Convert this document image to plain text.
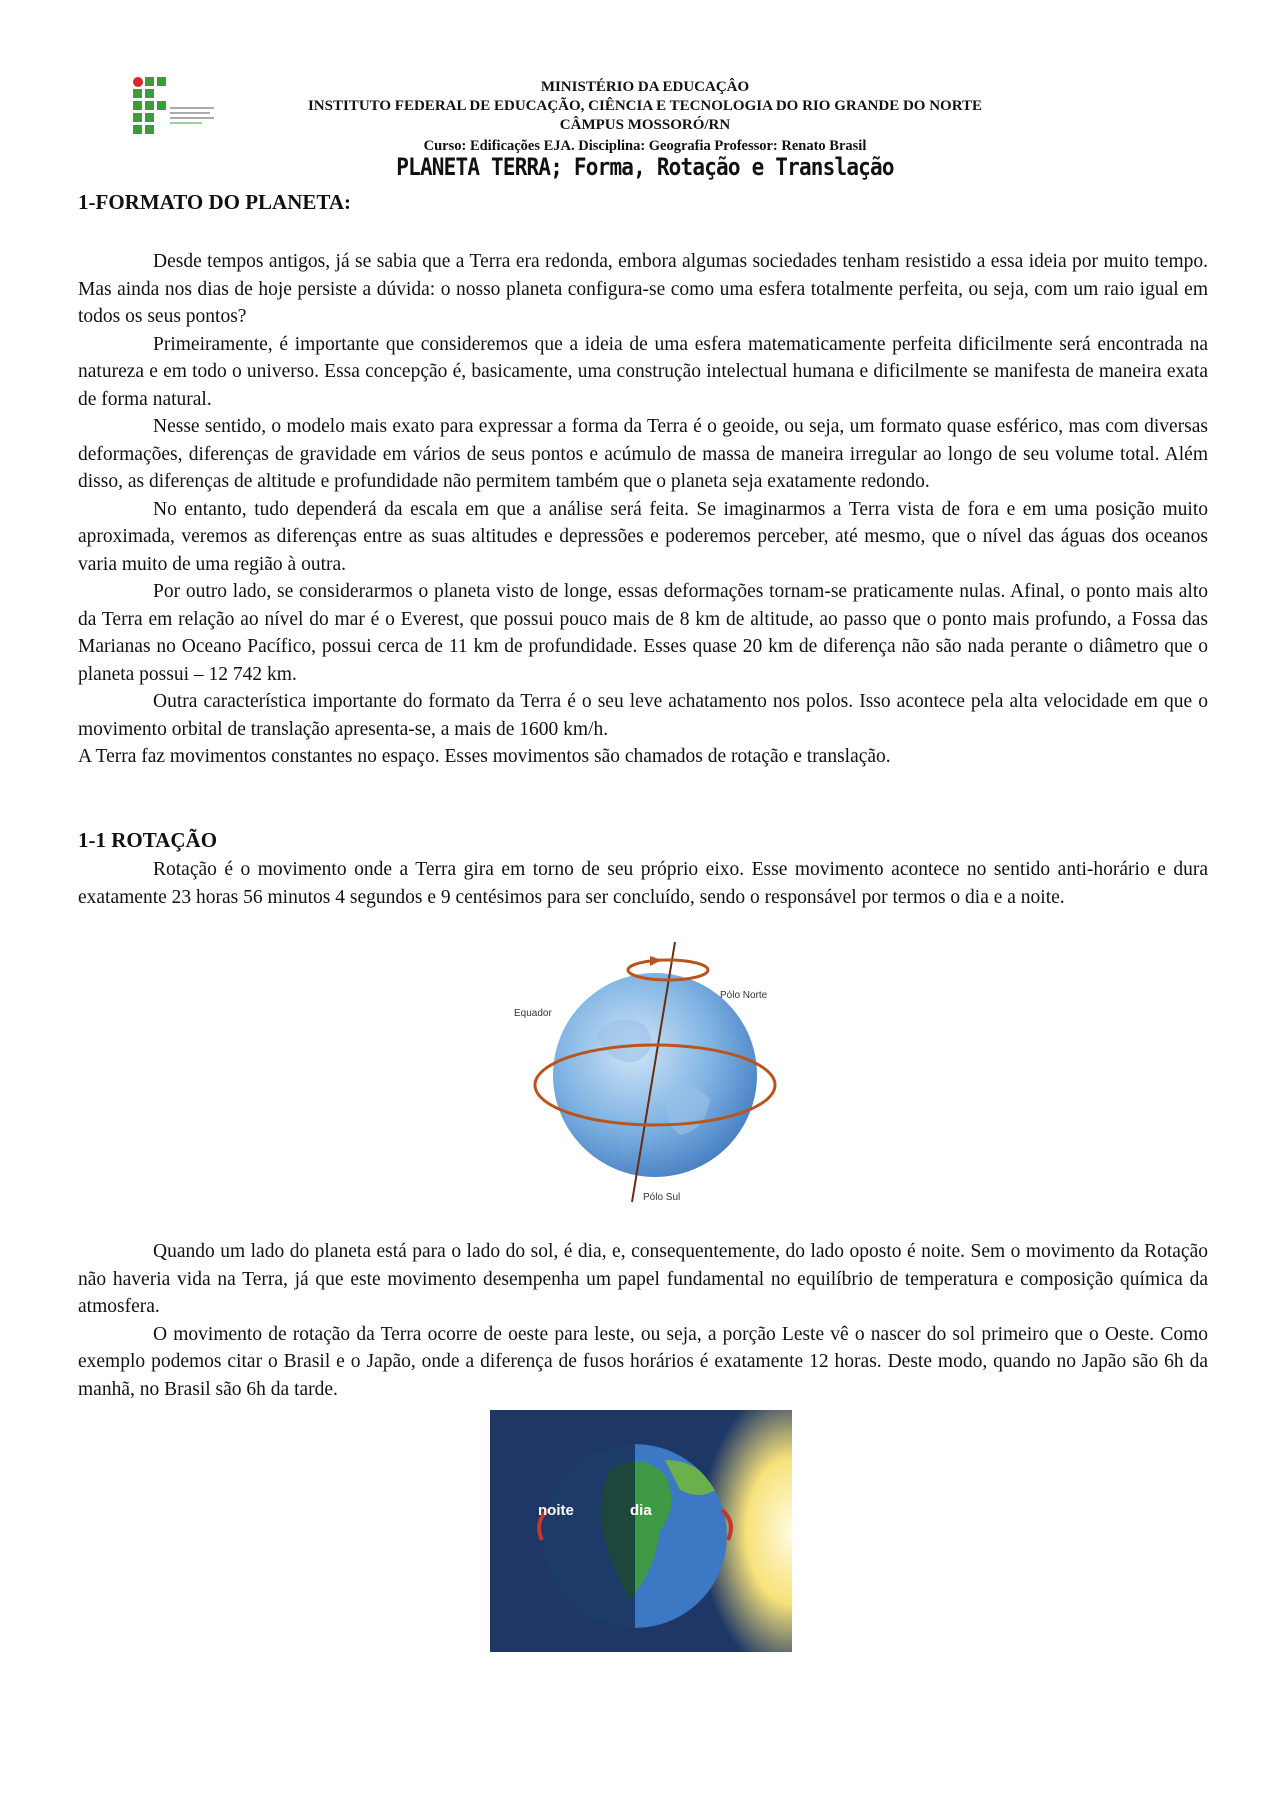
MINISTÉRIO DA EDUCAÇÂO
INSTITUTO FEDERAL DE EDUCAÇÃO, CIÊNCIA E TECNOLOGIA DO RIO GRANDE DO NORTE
CÂMPUS MOSSORÓ/RN
Curso: Edificações EJA. Disciplina: Geografia Professor: Renato Brasil
PLANETA TERRA; Forma, Rotação e Translação
1-FORMATO DO PLANETA:

Desde tempos antigos, já se sabia que a Terra era redonda, embora algumas sociedades tenham resistido a essa ideia por muito tempo. Mas ainda nos dias de hoje persiste a dúvida: o nosso planeta configura-se como uma esfera totalmente perfeita, ou seja, com um raio igual em todos os seus pontos?

Primeiramente, é importante que consideremos que a ideia de uma esfera matematicamente perfeita dificilmente será encontrada na natureza e em todo o universo. Essa concepção é, basicamente, uma construção intelectual humana e dificilmente se manifesta de maneira exata de forma natural.

Nesse sentido, o modelo mais exato para expressar a forma da Terra é o geoide, ou seja, um formato quase esférico, mas com diversas deformações, diferenças de gravidade em vários de seus pontos e acúmulo de massa de maneira irregular ao longo de seu volume total. Além disso, as diferenças de altitude e profundidade não permitem também que o planeta seja exatamente redondo.

No entanto, tudo dependerá da escala em que a análise será feita. Se imaginarmos a Terra vista de fora e em uma posição muito aproximada, veremos as diferenças entre as suas altitudes e depressões e poderemos perceber, até mesmo, que o nível das águas dos oceanos varia muito de uma região à outra.

Por outro lado, se considerarmos o planeta visto de longe, essas deformações tornam-se praticamente nulas. Afinal, o ponto mais alto da Terra em relação ao nível do mar é o Everest, que possui pouco mais de 8 km de altitude, ao passo que o ponto mais profundo, a Fossa das Marianas no Oceano Pacífico, possui cerca de 11 km de profundidade. Esses quase 20 km de diferença não são nada perante o diâmetro que o planeta possui – 12 742 km.

Outra característica importante do formato da Terra é o seu leve achatamento nos polos. Isso acontece pela alta velocidade em que o movimento orbital de translação apresenta-se, a mais de 1600 km/h.

A Terra faz movimentos constantes no espaço. Esses movimentos são chamados de rotação e translação.

1-1 ROTAÇÃO

Rotação é o movimento onde a Terra gira em torno de seu próprio eixo. Esse movimento acontece no sentido anti-horário e dura exatamente 23 horas 56 minutos 4 segundos e 9 centésimos para ser concluído, sendo o responsável por termos o dia e a noite.

Equador
Pólo Norte
Pólo Sul

Quando um lado do planeta está para o lado do sol, é dia, e, consequentemente, do lado oposto é noite. Sem o movimento da Rotação não haveria vida na Terra, já que este movimento desempenha um papel fundamental no equilíbrio de temperatura e composição química da atmosfera.

O movimento de rotação da Terra ocorre de oeste para leste, ou seja, a porção Leste vê o nascer do sol primeiro que o Oeste. Como exemplo podemos citar o Brasil e o Japão, onde a diferença de fusos horários é exatamente 12 horas. Deste modo, quando no Japão são 6h da manhã, no Brasil são 6h da tarde.

noite	dia
